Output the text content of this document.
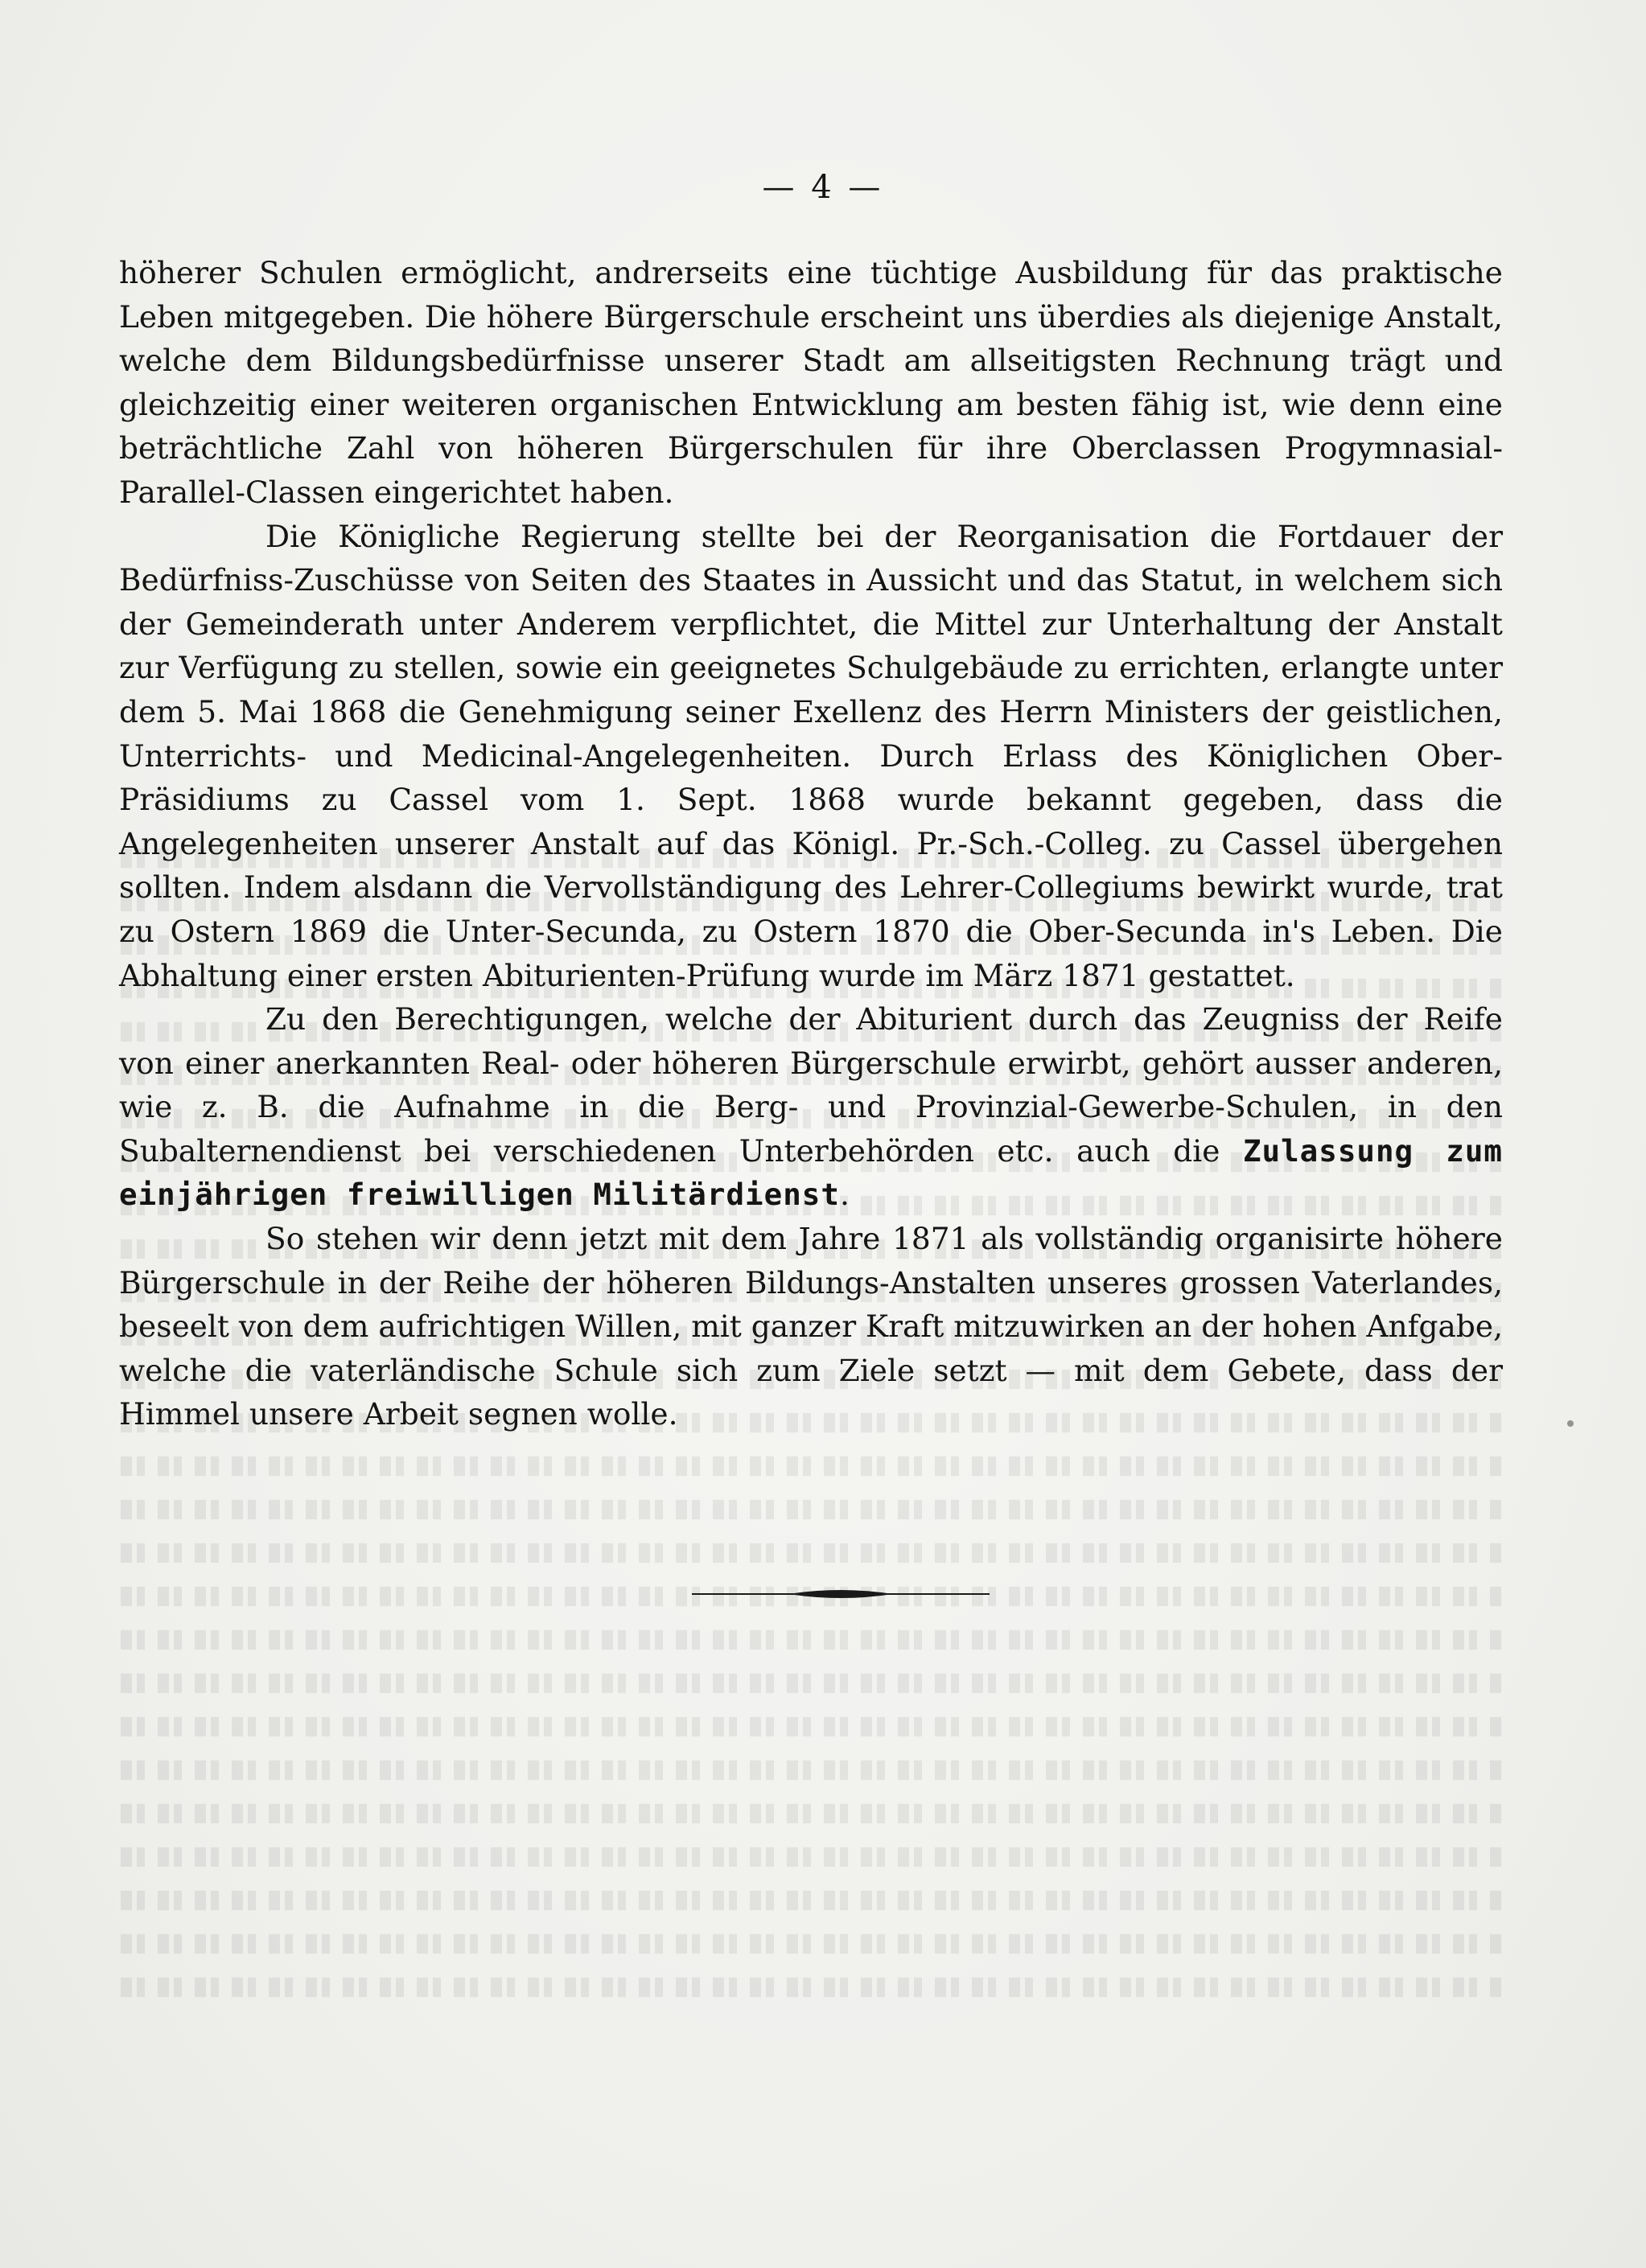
— 4 —

höherer Schulen ermöglicht, andrerseits eine tüchtige Ausbildung für das praktische Leben mitgegeben. Die höhere Bürgerschule erscheint uns überdies als diejenige Anstalt, welche dem Bildungsbedürfnisse unserer Stadt am allseitigsten Rechnung trägt und gleichzeitig einer weiteren organischen Entwicklung am besten fähig ist, wie denn eine beträchtliche Zahl von höheren Bürgerschulen für ihre Oberclassen Progymnasial-Parallel-Classen eingerichtet haben.

Die Königliche Regierung stellte bei der Reorganisation die Fortdauer der Bedürfniss-Zuschüsse von Seiten des Staates in Aussicht und das Statut, in welchem sich der Gemeinderath unter Anderem verpflichtet, die Mittel zur Unterhaltung der Anstalt zur Verfügung zu stellen, sowie ein geeignetes Schulgebäude zu errichten, erlangte unter dem 5. Mai 1868 die Genehmigung seiner Exellenz des Herrn Ministers der geistlichen, Unterrichts- und Medicinal-Angelegenheiten. Durch Erlass des Königlichen Ober-Präsidiums zu Cassel vom 1. Sept. 1868 wurde bekannt gegeben, dass die Angelegenheiten unserer Anstalt auf das Königl. Pr.-Sch.-Colleg. zu Cassel übergehen sollten. Indem alsdann die Vervollständigung des Lehrer-Collegiums bewirkt wurde, trat zu Ostern 1869 die Unter-Secunda, zu Ostern 1870 die Ober-Secunda in's Leben. Die Abhaltung einer ersten Abiturienten-Prüfung wurde im März 1871 gestattet.

Zu den Berechtigungen, welche der Abiturient durch das Zeugniss der Reife von einer anerkannten Real- oder höheren Bürgerschule erwirbt, gehört ausser anderen, wie z. B. die Aufnahme in die Berg- und Provinzial-Gewerbe-Schulen, in den Subalternendienst bei verschiedenen Unterbehörden etc. auch die Zulassung zum einjährigen freiwilligen Militärdienst.

So stehen wir denn jetzt mit dem Jahre 1871 als vollständig organisirte höhere Bürgerschule in der Reihe der höheren Bildungs-Anstalten unseres grossen Vaterlandes, beseelt von dem aufrichtigen Willen, mit ganzer Kraft mitzuwirken an der hohen Anfgabe, welche die vaterländische Schule sich zum Ziele setzt — mit dem Gebete, dass der Himmel unsere Arbeit segnen wolle.
